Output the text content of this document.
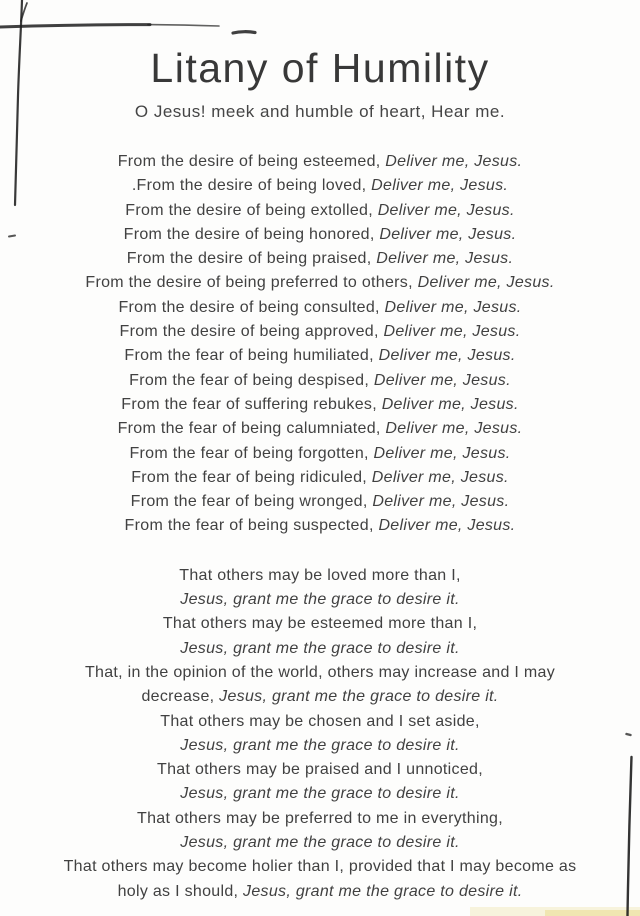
Litany of Humility

O Jesus! meek and humble of heart, Hear me.

From the desire of being esteemed, Deliver me, Jesus.
.From the desire of being loved, Deliver me, Jesus.
From the desire of being extolled, Deliver me, Jesus.
From the desire of being honored, Deliver me, Jesus.
From the desire of being praised, Deliver me, Jesus.
From the desire of being preferred to others, Deliver me, Jesus.
From the desire of being consulted, Deliver me, Jesus.
From the desire of being approved, Deliver me, Jesus.
From the fear of being humiliated, Deliver me, Jesus.
From the fear of being despised, Deliver me, Jesus.
From the fear of suffering rebukes, Deliver me, Jesus.
From the fear of being calumniated, Deliver me, Jesus.
From the fear of being forgotten, Deliver me, Jesus.
From the fear of being ridiculed, Deliver me, Jesus.
From the fear of being wronged, Deliver me, Jesus.
From the fear of being suspected, Deliver me, Jesus.
That others may be loved more than I,
Jesus, grant me the grace to desire it.
That others may be esteemed more than I,
Jesus, grant me the grace to desire it.
That, in the opinion of the world, others may increase and I may
decrease, Jesus, grant me the grace to desire it.
That others may be chosen and I set aside,
Jesus, grant me the grace to desire it.
That others may be praised and I unnoticed,
Jesus, grant me the grace to desire it.
That others may be preferred to me in everything,
Jesus, grant me the grace to desire it.
That others may become holier than I, provided that I may become as
holy as I should, Jesus, grant me the grace to desire it.
